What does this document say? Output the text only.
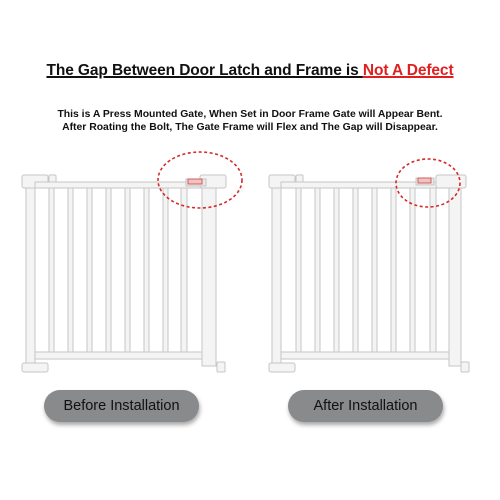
The Gap Between Door Latch and Frame is Not A Defect
This is A Press Mounted Gate, When Set in Door Frame Gate will Appear Bent.
After Roating the Bolt, The Gate Frame will Flex and The Gap will Disappear.
Before Installation	After Installation
